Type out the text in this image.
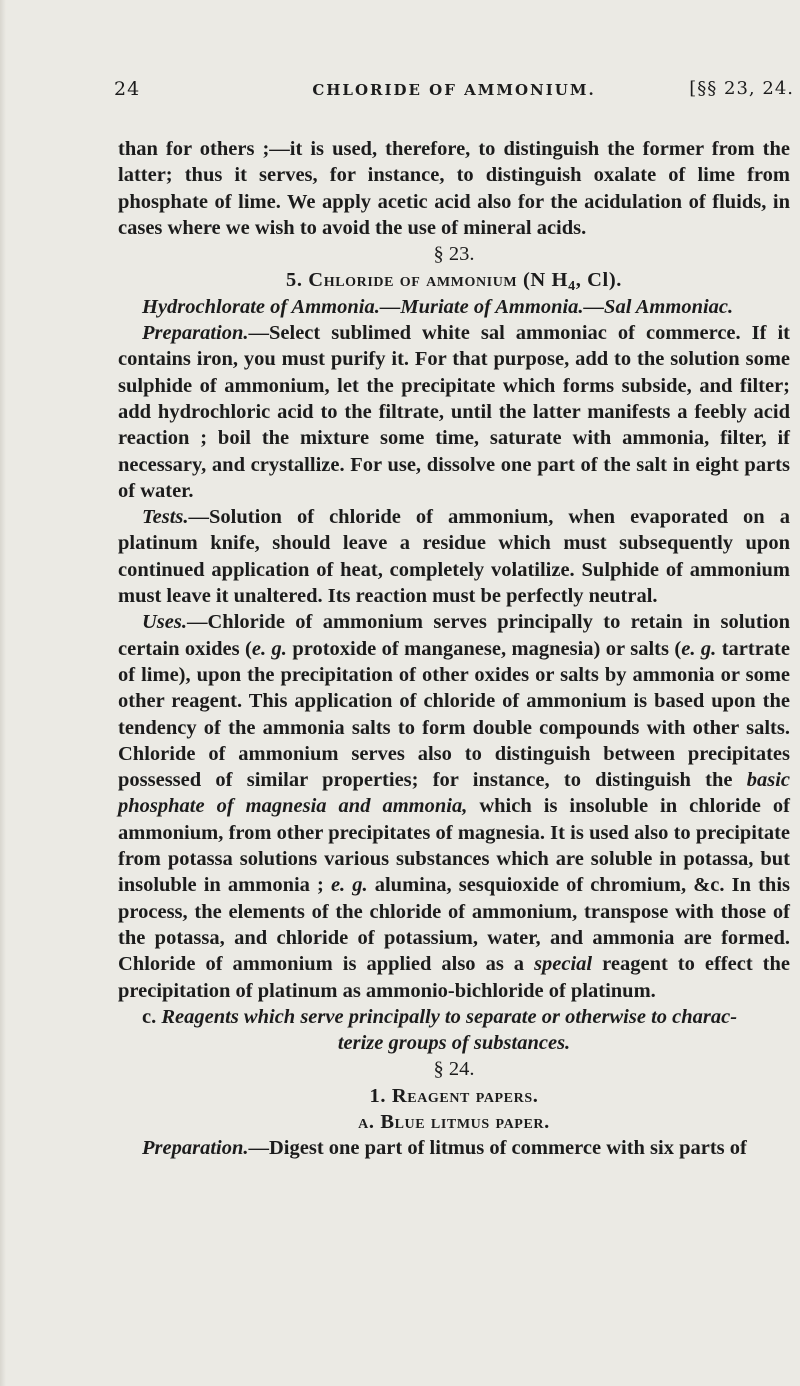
24	CHLORIDE OF AMMONIUM.	[§§ 23, 24.

than for others ;—it is used, therefore, to distinguish the former from the latter; thus it serves, for instance, to distinguish oxalate of lime from phosphate of lime. We apply acetic acid also for the acidulation of fluids, in cases where we wish to avoid the use of mineral acids.

§ 23.

5. Chloride of ammonium (N $H_4$, Cl).

Hydrochlorate of Ammonia.—Muriate of Ammonia.—Sal Ammoniac.

Preparation.—Select sublimed white sal ammoniac of commerce. If it contains iron, you must purify it. For that purpose, add to the solution some sulphide of ammonium, let the precipitate which forms subside, and filter; add hydrochloric acid to the filtrate, until the latter manifests a feebly acid reaction ; boil the mixture some time, saturate with ammonia, filter, if necessary, and crystallize. For use, dissolve one part of the salt in eight parts of water.

Tests.—Solution of chloride of ammonium, when evaporated on a platinum knife, should leave a residue which must subsequently upon continued application of heat, completely volatilize. Sulphide of ammonium must leave it unaltered. Its reaction must be perfectly neutral.

Uses.—Chloride of ammonium serves principally to retain in solution certain oxides (e. g. protoxide of manganese, magnesia) or salts (e. g. tartrate of lime), upon the precipitation of other oxides or salts by ammonia or some other reagent. This application of chloride of ammonium is based upon the tendency of the ammonia salts to form double compounds with other salts. Chloride of ammonium serves also to distinguish between precipitates possessed of similar properties; for instance, to distinguish the basic phosphate of magnesia and ammonia, which is insoluble in chloride of ammonium, from other precipitates of magnesia. It is used also to precipitate from potassa solutions various substances which are soluble in potassa, but insoluble in ammonia ; e. g. alumina, sesquioxide of chromium, &c. In this process, the elements of the chloride of ammonium, transpose with those of the potassa, and chloride of potassium, water, and ammonia are formed. Chloride of ammonium is applied also as a special reagent to effect the precipitation of platinum as ammonio-bichloride of platinum.

c. Reagents which serve principally to separate or otherwise to charac-

terize groups of substances.

§ 24.

1. Reagent papers.

a. Blue litmus paper.

Preparation.—Digest one part of litmus of commerce with six parts of
